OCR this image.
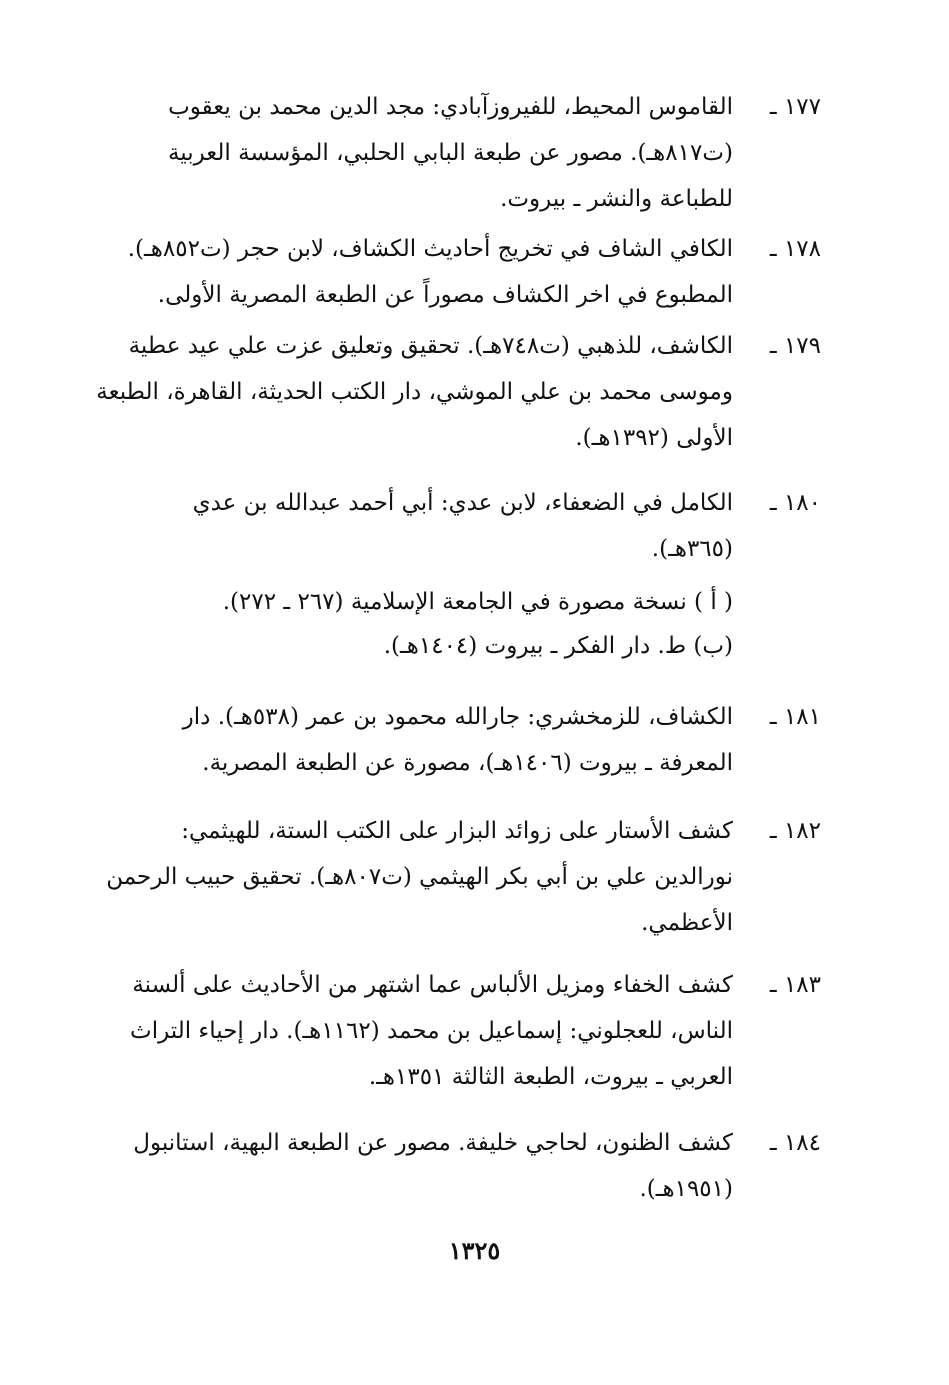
١٧٧ ـ
القاموس المحيط، للفيروزآبادي: مجد الدين محمد بن يعقوب
(ت٨١٧هـ). مصور عن طبعة البابي الحلبي، المؤسسة العربية
للطباعة والنشر ـ بيروت.
١٧٨ ـ
الكافي الشاف في تخريج أحاديث الكشاف، لابن حجر (ت٨٥٢هـ).
المطبوع في اخر الكشاف مصوراً عن الطبعة المصرية الأولى.
١٧٩ ـ
الكاشف، للذهبي (ت٧٤٨هـ). تحقيق وتعليق عزت علي عيد عطية
وموسى محمد بن علي الموشي، دار الكتب الحديثة، القاهرة، الطبعة
الأولى (١٣٩٢هـ).
١٨٠ ـ
الكامل في الضعفاء، لابن عدي: أبي أحمد عبدالله بن عدي
(٣٦٥هـ).
( أ ) نسخة مصورة في الجامعة الإسلامية (٢٦٧ ـ ٢٧٢).
(ب) ط. دار الفكر ـ بيروت (١٤٠٤هـ).
١٨١ ـ
الكشاف، للزمخشري: جارالله محمود بن عمر (٥٣٨هـ). دار
المعرفة ـ بيروت (١٤٠٦هـ)، مصورة عن الطبعة المصرية.
١٨٢ ـ
كشف الأستار على زوائد البزار على الكتب الستة، للهيثمي:
نورالدين علي بن أبي بكر الهيثمي (ت٨٠٧هـ). تحقيق حبيب الرحمن
الأعظمي.
١٨٣ ـ
كشف الخفاء ومزيل الألباس عما اشتهر من الأحاديث على ألسنة
الناس، للعجلوني: إسماعيل بن محمد (١١٦٢هـ). دار إحياء التراث
العربي ـ بيروت، الطبعة الثالثة ١٣٥١هـ.
١٨٤ ـ
كشف الظنون، لحاجي خليفة. مصور عن الطبعة البهية، استانبول
(١٩٥١هـ).
١٣٢٥
